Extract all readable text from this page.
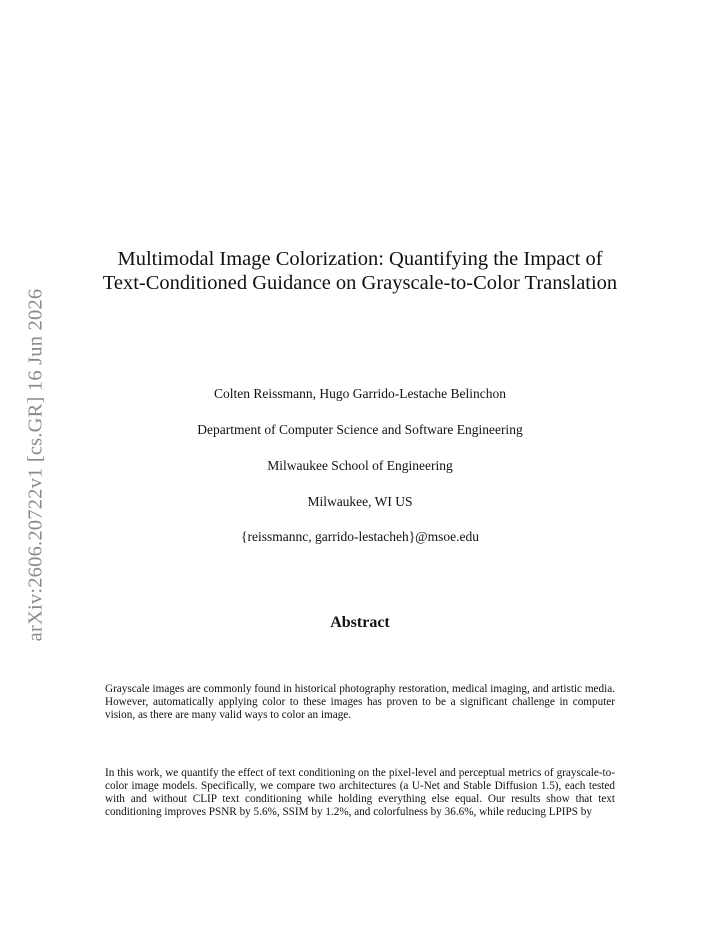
arXiv:2606.20722v1 [cs.GR] 16 Jun 2026
Multimodal Image Colorization: Quantifying the Impact of Text-Conditioned Guidance on Grayscale-to-Color Translation
Colten Reissmann, Hugo Garrido-Lestache Belinchon
Department of Computer Science and Software Engineering
Milwaukee School of Engineering
Milwaukee, WI US
{reissmannc, garrido-lestacheh}@msoe.edu
Abstract
Grayscale images are commonly found in historical photography restoration, medical imaging, and artistic media. However, automatically applying color to these images has proven to be a significant challenge in computer vision, as there are many valid ways to color an image.
In this work, we quantify the effect of text conditioning on the pixel-level and perceptual metrics of grayscale-to-color image models. Specifically, we compare two architectures (a U-Net and Stable Diffusion 1.5), each tested with and without CLIP text conditioning while holding everything else equal. Our results show that text conditioning improves PSNR by 5.6%, SSIM by 1.2%, and colorfulness by 36.6%, while reducing LPIPS by
